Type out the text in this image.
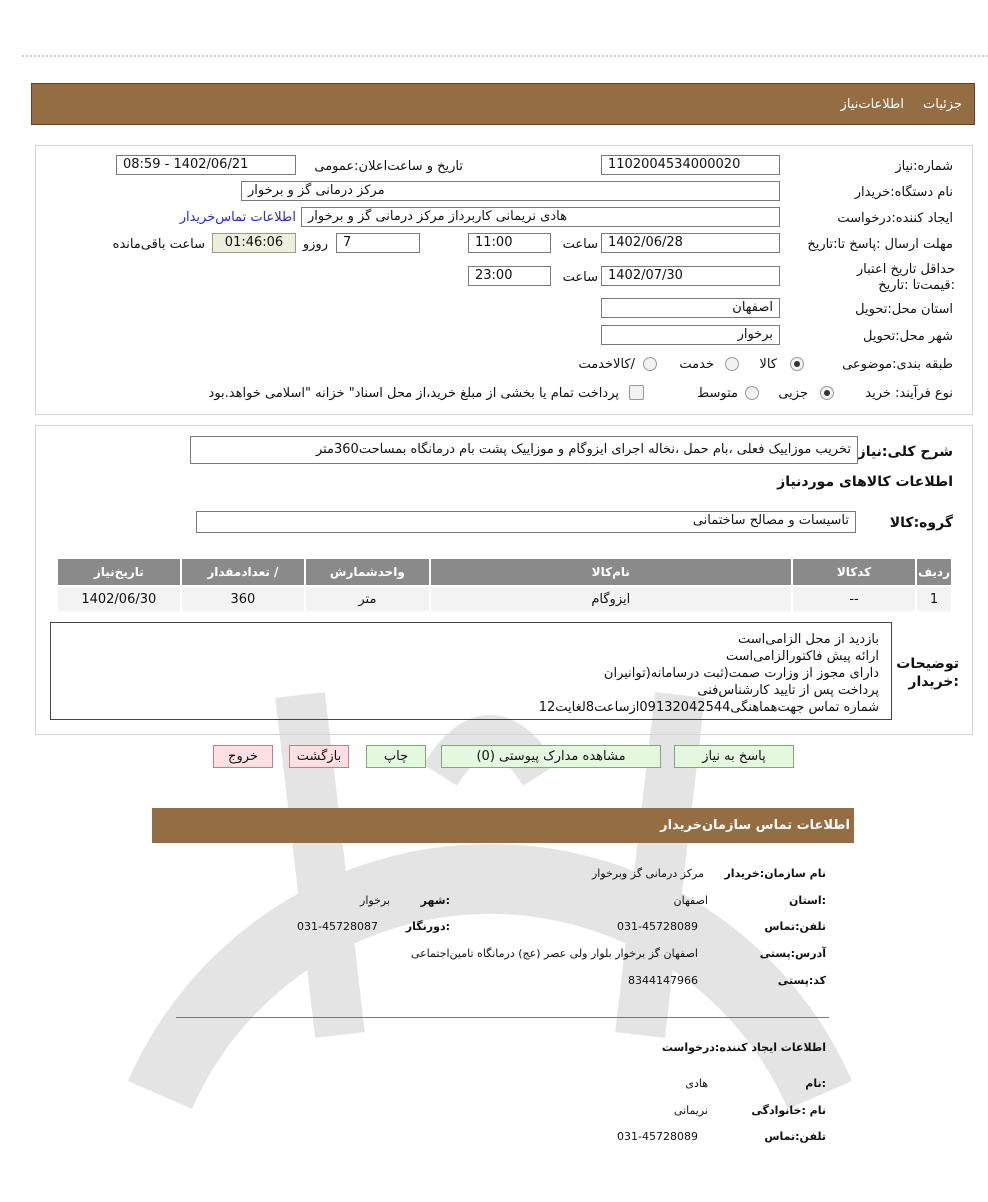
جزئیات
اطلاعات‌نیاز
شماره:نیاز
1102004534000020
تاریخ و ساعت‌اعلان:عمومی
1402/06/21 - 08:59
نام دستگاه:خریدار
مرکز درمانی گز و برخوار
ایجاد کننده:درخواست
هادی نریمانی کاربرداز مرکز درمانی گز و برخوار
اطلاعات تماس‌خریدار
مهلت ارسال :پاسخ تا:تاریخ
1402/06/28
ساعت
11:00
7
روزو
01:46:06
ساعت باقی‌مانده
حداقل تاریخ اعتبار :قیمت‌تا :تاریخ
1402/07/30
ساعت
23:00
استان محل:تحویل
اصفهان
شهر محل:تحویل
برخوار
طبقه بندی:موضوعی
کالا
خدمت
/کالاخدمت
نوع فرآیند: خرید
جزیی
متوسط
پرداخت تمام یا بخشی از مبلغ خرید،از محل اسناد" خزانه "اسلامی خواهد.بود
شرح کلی:نیاز
تخریب موزاییک فعلی ،بام حمل ،نخاله اجرای ایزوگام و موزاییک پشت بام درمانگاه بمساحت360متر
اطلاعات کالاهای موردنیاز
گروه:کالا
تاسیسات و مصالح ساختمانی
ردیف	کدکالا	نام‌کالا	واحدشمارش	/ تعدادمقدار	تاریخ‌نیاز
1	--	ایزوگام	متر	360	1402/06/30
توضیحات
:خریدار
بازدید از محل الزامی‌است
ارائه پیش فاکتورالزامی‌است
دارای مجوز از وزارت صمت(ثبت درسامانه(توانیران
پرداخت پس از تایید کارشناس‌فنی
شماره تماس جهت‌هماهنگی09132042544ازساعت8لغایت12
پاسخ به نیاز
مشاهده مدارک پیوستی (0)
چاپ
بازگشت
خروج
اطلاعات تماس سازمان‌خریدار
نام سازمان:خریدار
مرکز درمانی گز وبرخوار
:استان
اصفهان
:شهر
برخوار
تلفن:تماس
031-45728089
:دورنگار
031-45728087
آدرس:پستی
اصفهان گز برخوار بلوار ولی عصر (عج) درمانگاه تامین‌اجتماعی
کد:پستی
8344147966
اطلاعات ایجاد کننده:درخواست
:نام
هادی
نام :خانوادگی
نریمانی
تلفن:تماس
031-45728089
